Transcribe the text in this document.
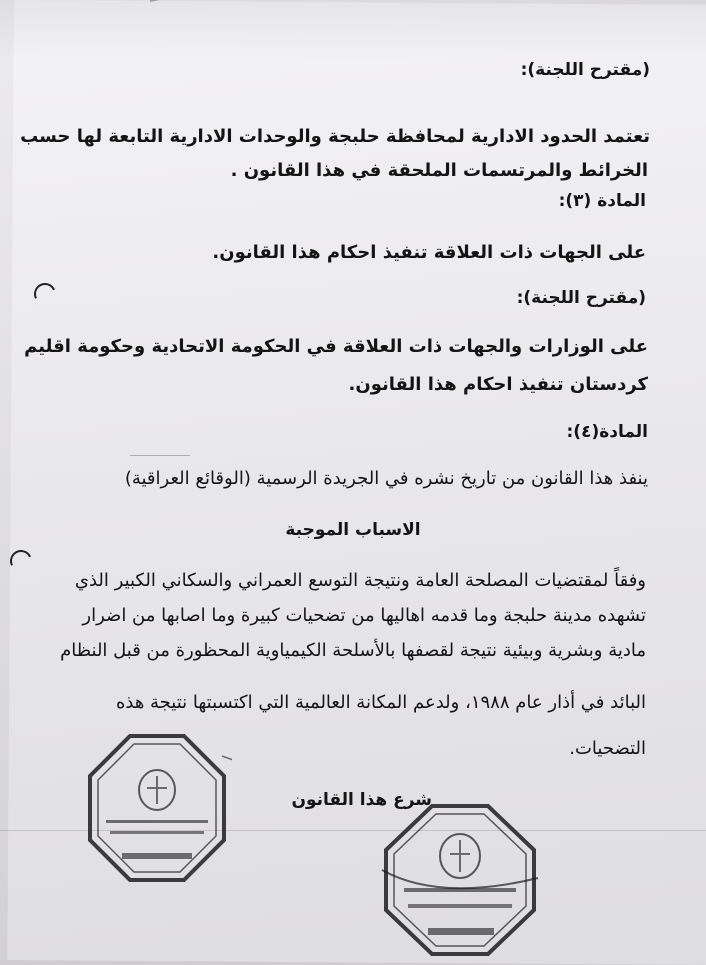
(مقترح اللجنة):
تعتمد الحدود الادارية لمحافظة حلبجة والوحدات الادارية التابعة لها حسب
الخرائط والمرتسمات الملحقة في هذا القانون .
المادة (٣):
على الجهات ذات العلاقة تنفيذ احكام هذا القانون.
(مقترح اللجنة):
على الوزارات والجهات ذات العلاقة في الحكومة الاتحادية وحكومة اقليم
كردستان تنفيذ احكام هذا القانون.
المادة(٤):
ينفذ هذا القانون من تاريخ نشره في الجريدة الرسمية (الوقائع العراقية)
الاسباب الموجبة
وفقاً لمقتضيات المصلحة العامة ونتيجة التوسع العمراني والسكاني الكبير الذي
تشهده مدينة حلبجة وما قدمه اهاليها من تضحيات كبيرة وما اصابها من اضرار
مادية وبشرية وبيئية نتيجة لقصفها بالأسلحة الكيمياوية المحظورة من قبل النظام
البائد في أذار عام ١٩٨٨، ولدعم المكانة العالمية التي اكتسبتها نتيجة هذه
التضحيات.
شرع هذا القانون
